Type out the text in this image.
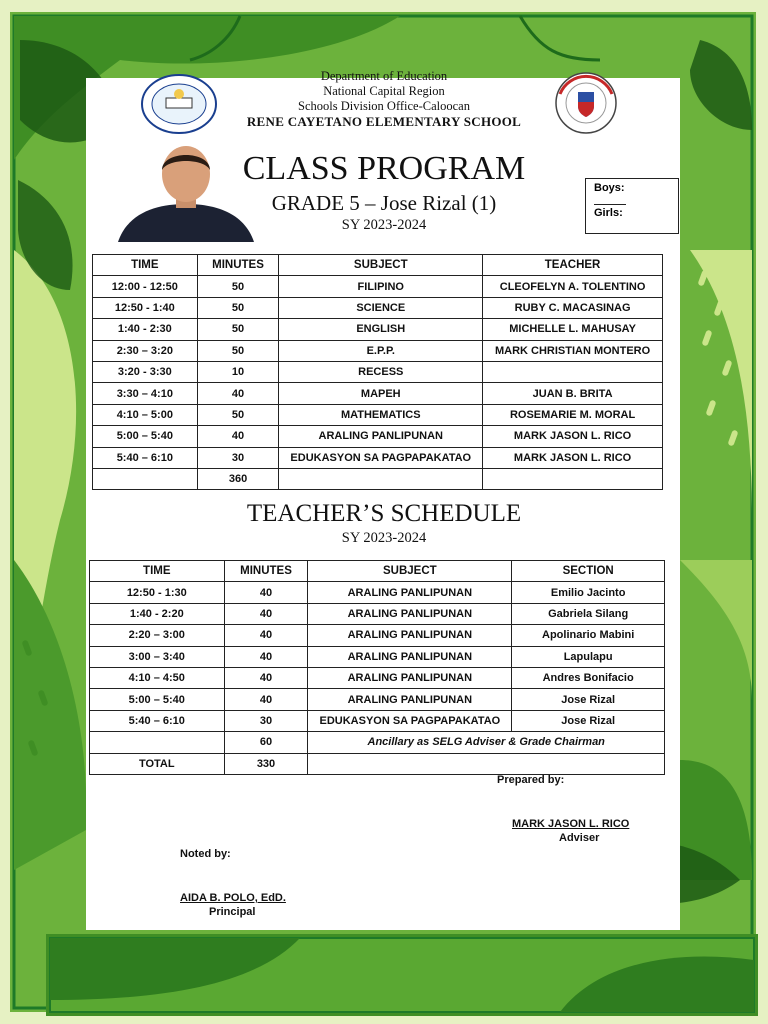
Department of Education
National Capital Region
Schools Division Office-Caloocan
RENE CAYETANO ELEMENTARY SCHOOL
CLASS PROGRAM
GRADE 5 – Jose Rizal (1)
SY 2023-2024
Boys:
Girls:
TIME	MINUTES	SUBJECT	TEACHER
12:00 - 12:50	50	FILIPINO	CLEOFELYN A. TOLENTINO
12:50 - 1:40	50	SCIENCE	RUBY C. MACASINAG
1:40 - 2:30	50	ENGLISH	MICHELLE L. MAHUSAY
2:30 – 3:20	50	E.P.P.	MARK CHRISTIAN MONTERO
3:20 - 3:30	10	RECESS	
3:30 – 4:10	40	MAPEH	JUAN B. BRITA
4:10 – 5:00	50	MATHEMATICS	ROSEMARIE M. MORAL
5:00 – 5:40	40	ARALING PANLIPUNAN	MARK JASON L. RICO
5:40 – 6:10	30	EDUKASYON SA PAGPAPAKATAO	MARK JASON L. RICO
	360		
TEACHER’S SCHEDULE
SY 2023-2024
TIME	MINUTES	SUBJECT	SECTION
12:50 - 1:30	40	ARALING PANLIPUNAN	Emilio Jacinto
1:40 - 2:20	40	ARALING PANLIPUNAN	Gabriela Silang
2:20 – 3:00	40	ARALING PANLIPUNAN	Apolinario Mabini
3:00 – 3:40	40	ARALING PANLIPUNAN	Lapulapu
4:10 – 4:50	40	ARALING PANLIPUNAN	Andres Bonifacio
5:00 – 5:40	40	ARALING PANLIPUNAN	Jose Rizal
5:40 – 6:10	30	EDUKASYON SA PAGPAPAKATAO	Jose Rizal
	60	Ancillary as SELG Adviser & Grade Chairman	
TOTAL	330		
Prepared by:
MARK JASON L. RICO
Adviser
Noted by:
AIDA B. POLO, EdD.
Principal
